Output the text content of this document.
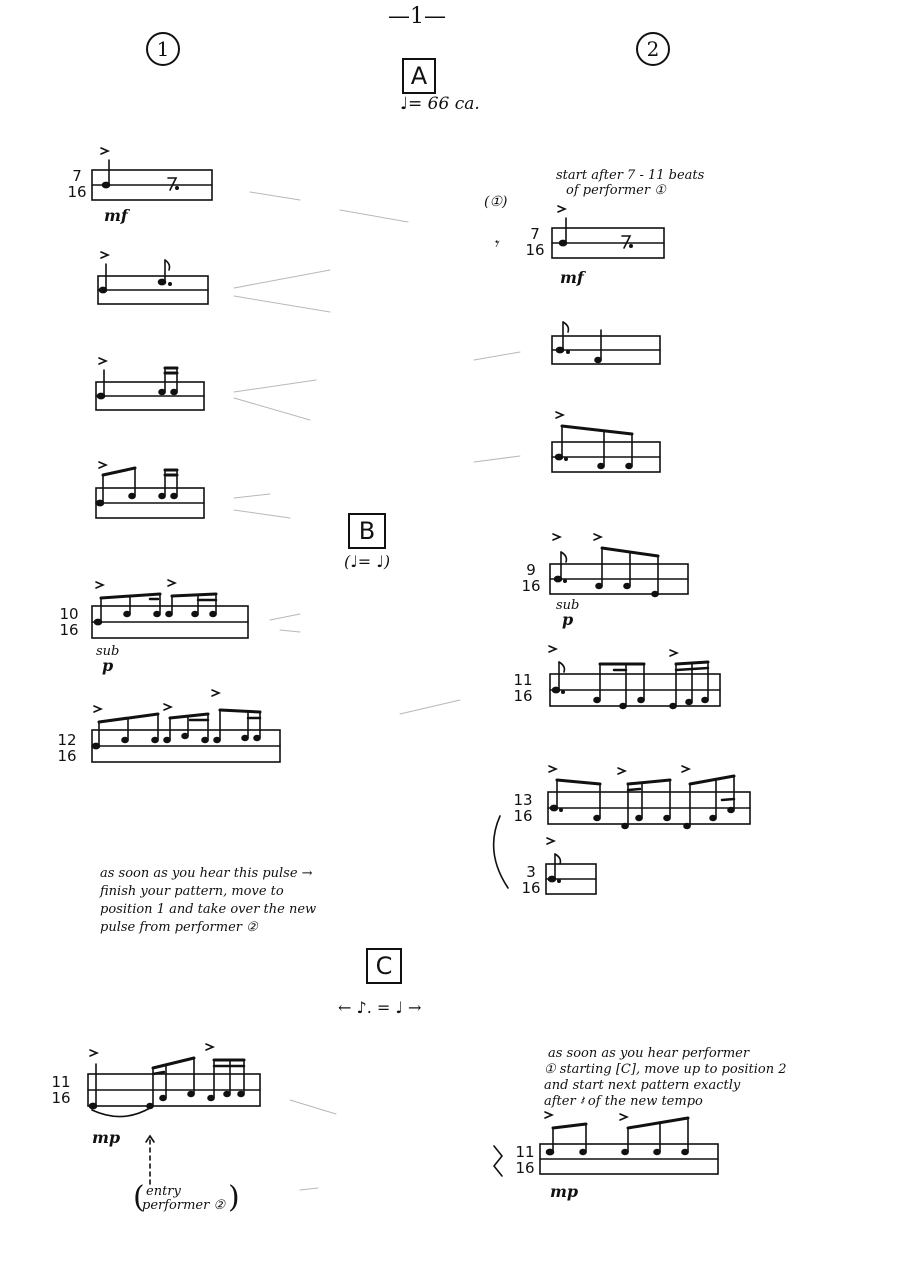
—1—
1	2
A
♩= 66 ca.
B
(♩= ♩)
C
← ♪. = ♩ →
start after 7 - 11 beats
of performer ①
(①)
𝄾
as soon as you hear this pulse →
finish your pattern, move to
position 1 and take over the new
pulse from performer ②
as soon as you hear performer
① starting [C], move up to position 2
and start next pattern exactly
after 𝄽 of the new tempo
entry
performer ②
(	)
mf
mf
sub
p
sub
p
mp
mp
7
16
10
16
12
16
11
16
7
16
9
16
11
16
13
16
3
16
11
16
